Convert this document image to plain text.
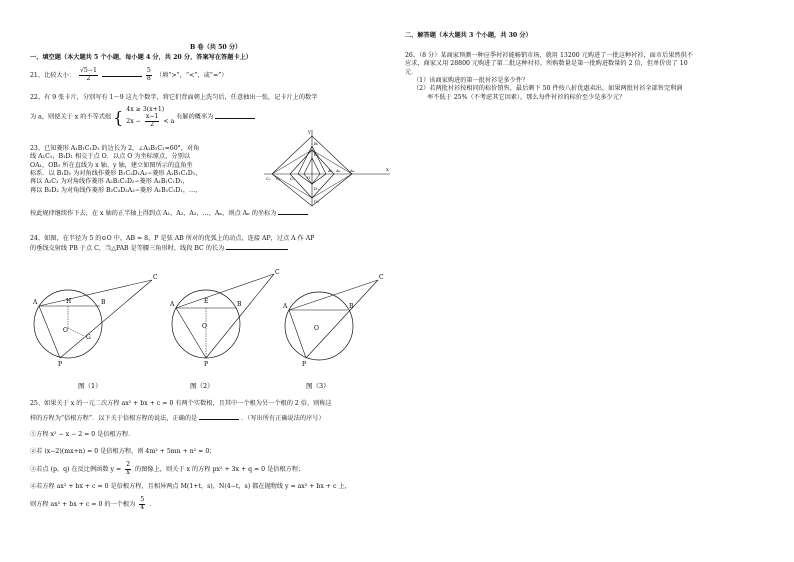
B 卷（共 50 分）
一、填空题（本大题共 5 个小题，每小题 4 分，共 20 分，答案写在答题卡上）
21、比较大小： $\frac{√5-1}{2}$
	$\frac{5}{8}$ （填“>”，“<”，或“=”）
22、有 9 张卡片，分别写有 1～9 这九个数字，将它们背面朝上洗匀后，任意抽出一张，记卡片上的数字
为 a，则使关于 x 的不等式组 { 4x ≥ 3(x+1)
$2x - \frac{x-1}{2} < a$
有解的概率为
23、已知菱形 A₁B₁C₁D₁ 的边长为 2，∠A₁B₁C₁=60°，对角
线 A₁C₁，B₁D₁ 相交于点 O．以点 O 为坐标原点，分别以
OA₁，OB₁ 所在直线为 x 轴、y 轴，建立如图所示的直角坐
标系．以 B₁D₁ 为对角线作菱形 B₁C₂D₁A₂∽菱形 A₁B₁C₁D₁，
再以 A₂C₂ 为对角线作菱形 A₂B₂C₂D₂∽菱形 A₁B₁C₁D₁，
再以 B₂D₂ 为对角线作菱形 B₂C₃D₂A₃∽菱形 A₁B₁C₁D₁，…，
按此规律继续作下去，在 x 轴的正半轴上得到点 A₁，A₂，A₃，…，Aₙ，则点 Aₙ 的坐标为
y
x
B₁
B₂
A₁ A₂ A₃
C₁ C₂
C₃
D₁
D₂
O
24、如图，在半径为 5 的⊙O 中，AB = 8，P 是弦 AB 所对的优弧上的动点，连接 AP，过点 A 作 AP
的垂线交射线 PB 于点 C，当△PAB 是等腰三角形时，线段 BC 的长为
A	B
C
P
O
H
G
A	B
C
P
O
E
A	B
C
P
O
图（1）	图（2）	图（3）
25、如果关于 x 的一元二次方程 ax² + bx + c = 0 有两个实数根，且其中一个根为另一个根的 2 倍，则称这
样的方程为“倍根方程”．以下关于倍根方程的说法，正确的是	．（写出所有正确说法的序号）
①方程 x² − x − 2 = 0 是倍根方程．
②若 (x−2)(mx+n) = 0 是倍根方程，则 4m² + 5mn + n² = 0；
③若点 (p，q) 在反比例函数 $y = \frac{2}{x}$ 的图像上，则关于 x 的方程 px² + 3x + q = 0 是倍根方程；
④若方程 ax² + bx + c = 0 是倍根方程，且相异两点 M(1+t，s)，N(4−t，s) 都在抛物线 y = ax² + bx + c 上，
则方程 ax² + bx + c = 0 的一个根为 $\frac{5}{4}$ .
二、解答题（本大题共 3 个小题，共 30 分）
26、（8 分）某商家预测一种应季衬衫能畅销市场，就用 13200 元购进了一批这种衬衫，面市后果然供不
应求，商家又用 28800 元购进了第二批这种衬衫，所购数量是第一批购进数量的 2 倍，但单价贵了 10
元．
（1）该商家购进的第一批衬衫是多少件？
（2）若两批衬衫按相同的标价销售，最后剩下 50 件按八折优惠卖出，如果两批衬衫全部售完利润
率不低于 25%（不考虑其它因素），那么每件衬衫的标价至少是多少元？
